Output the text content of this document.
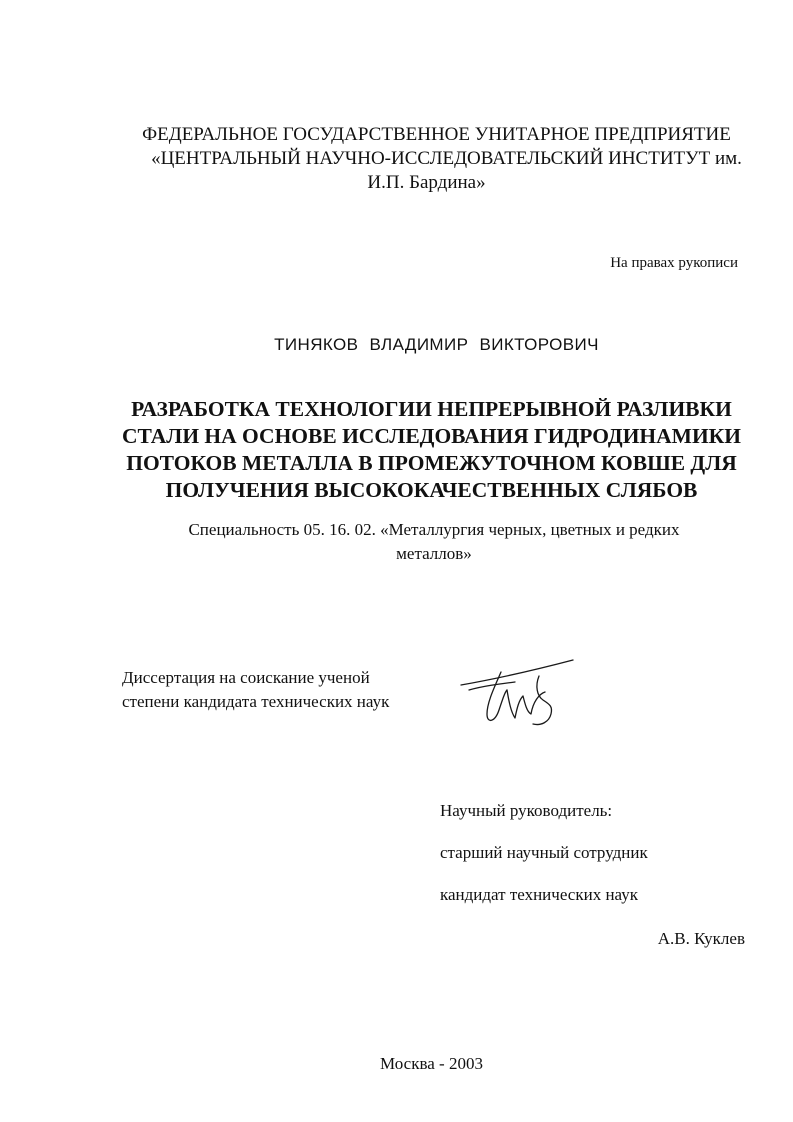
ФЕДЕРАЛЬНОЕ ГОСУДАРСТВЕННОЕ УНИТАРНОЕ ПРЕДПРИЯТИЕ
«ЦЕНТРАЛЬНЫЙ НАУЧНО-ИССЛЕДОВАТЕЛЬСКИЙ ИНСТИТУТ им.
И.П. Бардина»
На правах рукописи
ТИНЯКОВ ВЛАДИМИР ВИКТОРОВИЧ
РАЗРАБОТКА ТЕХНОЛОГИИ НЕПРЕРЫВНОЙ РАЗЛИВКИ
СТАЛИ НА ОСНОВЕ ИССЛЕДОВАНИЯ ГИДРОДИНАМИКИ
ПОТОКОВ МЕТАЛЛА В ПРОМЕЖУТОЧНОМ КОВШЕ ДЛЯ
ПОЛУЧЕНИЯ ВЫСОКОКАЧЕСТВЕННЫХ СЛЯБОВ
Специальность 05. 16. 02. «Металлургия черных, цветных и редких
металлов»
Диссертация на соискание ученой
степени кандидата технических наук
Научный руководитель:
старший научный сотрудник
кандидат технических наук
А.В. Куклев
Москва - 2003
